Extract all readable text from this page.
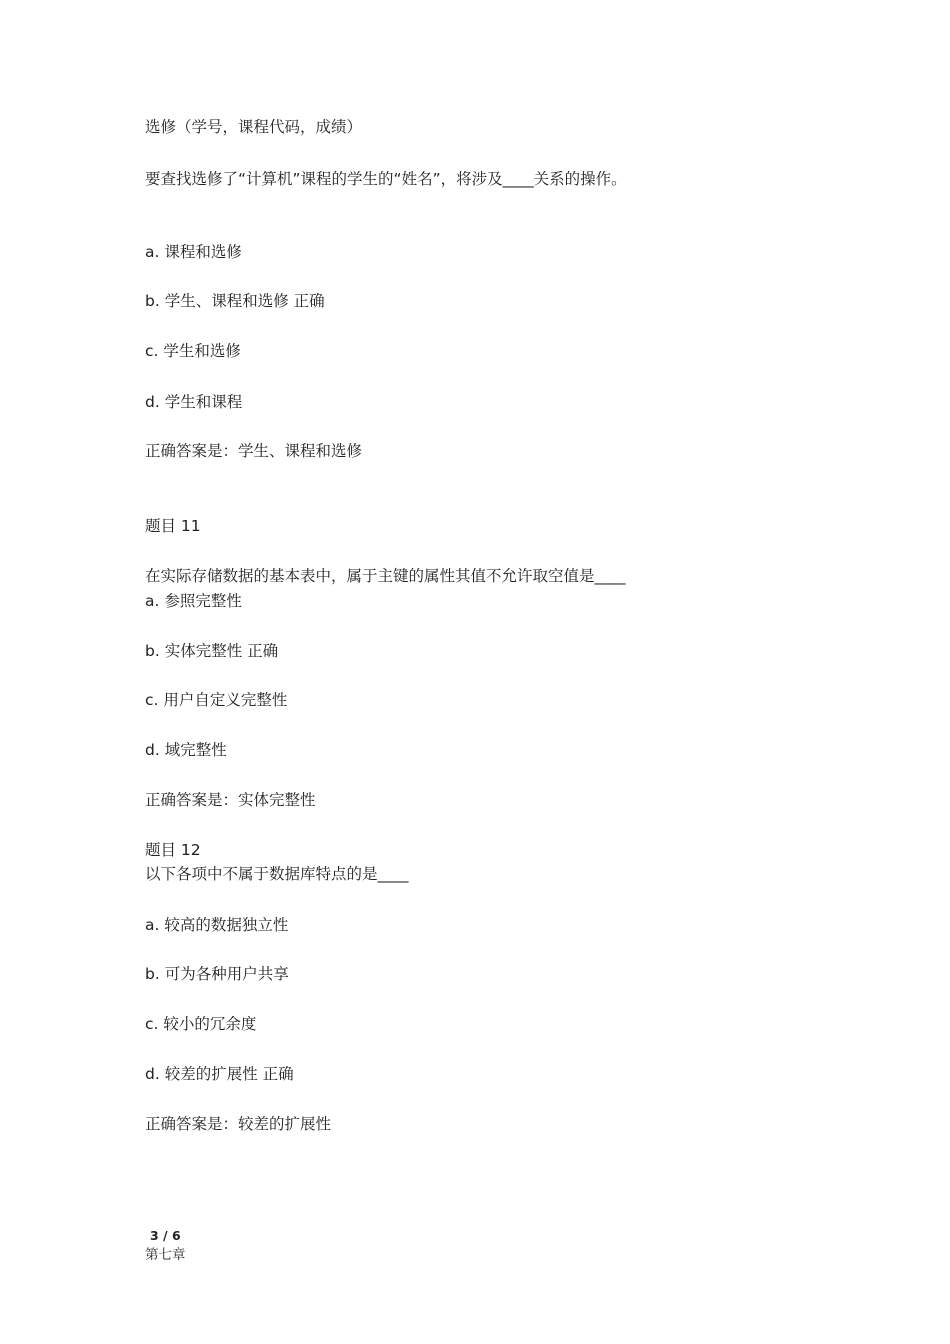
选修（学号，课程代码，成绩）
要查找选修了“计算机”课程的学生的“姓名”，将涉及____关系的操作。
a. 课程和选修
b. 学生、课程和选修 正确
c. 学生和选修
d. 学生和课程
正确答案是：学生、课程和选修
题目 11
在实际存储数据的基本表中，属于主键的属性其值不允许取空值是____
a. 参照完整性
b. 实体完整性 正确
c. 用户自定义完整性
d. 域完整性
正确答案是：实体完整性
题目 12
以下各项中不属于数据库特点的是____
a. 较高的数据独立性
b. 可为各种用户共享
c. 较小的冗余度
d. 较差的扩展性 正确
正确答案是：较差的扩展性
3 / 6
第七章
